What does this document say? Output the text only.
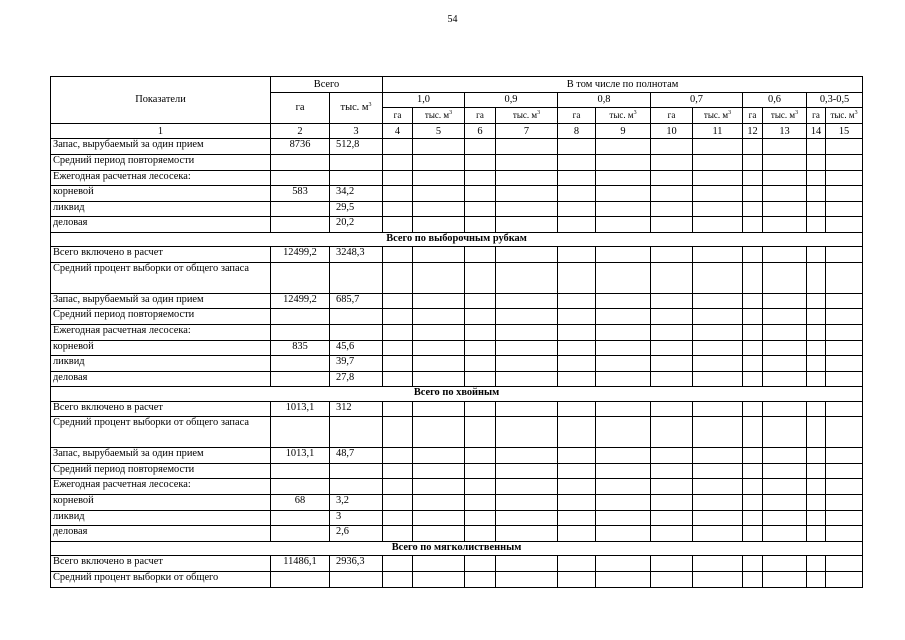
54
Показатели	Всего		В том числе по полнотам											
	га	тыс. $м^3$	1,0		0,9		0,8		0,7		0,6		0,3-0,5	
			га	тыс. $м^3$	га	тыс. $м^3$	га	тыс. $м^3$	га	тыс. $м^3$	га	тыс. $м^3$	га	тыс. $м^3$
1	2	3	4	5	6	7	8	9	10	11	12	13	14	15
Запас, вырубаемый за один прием	8736	512,8												
Средний период повторяемости														
Ежегодная расчетная лесосека:														
корневой	583	34,2												
ликвид		29,5												
деловая		20,2												
Всего по выборочным рубкам														
Всего включено в расчет	12499,2	3248,3												
Средний процент выборки от общего запаса														
Запас, вырубаемый за один прием	12499,2	685,7												
Средний период повторяемости														
Ежегодная расчетная лесосека:														
корневой	835	45,6												
ликвид		39,7												
деловая		27,8												
Всего по хвойным														
Всего включено в расчет	1013,1	312												
Средний процент выборки от общего запаса														
Запас, вырубаемый за один прием	1013,1	48,7												
Средний период повторяемости														
Ежегодная расчетная лесосека:														
корневой	68	3,2												
ликвид		3												
деловая		2,6												
Всего по мягколиственным														
Всего включено в расчет	11486,1	2936,3												
Средний процент выборки от общего														
